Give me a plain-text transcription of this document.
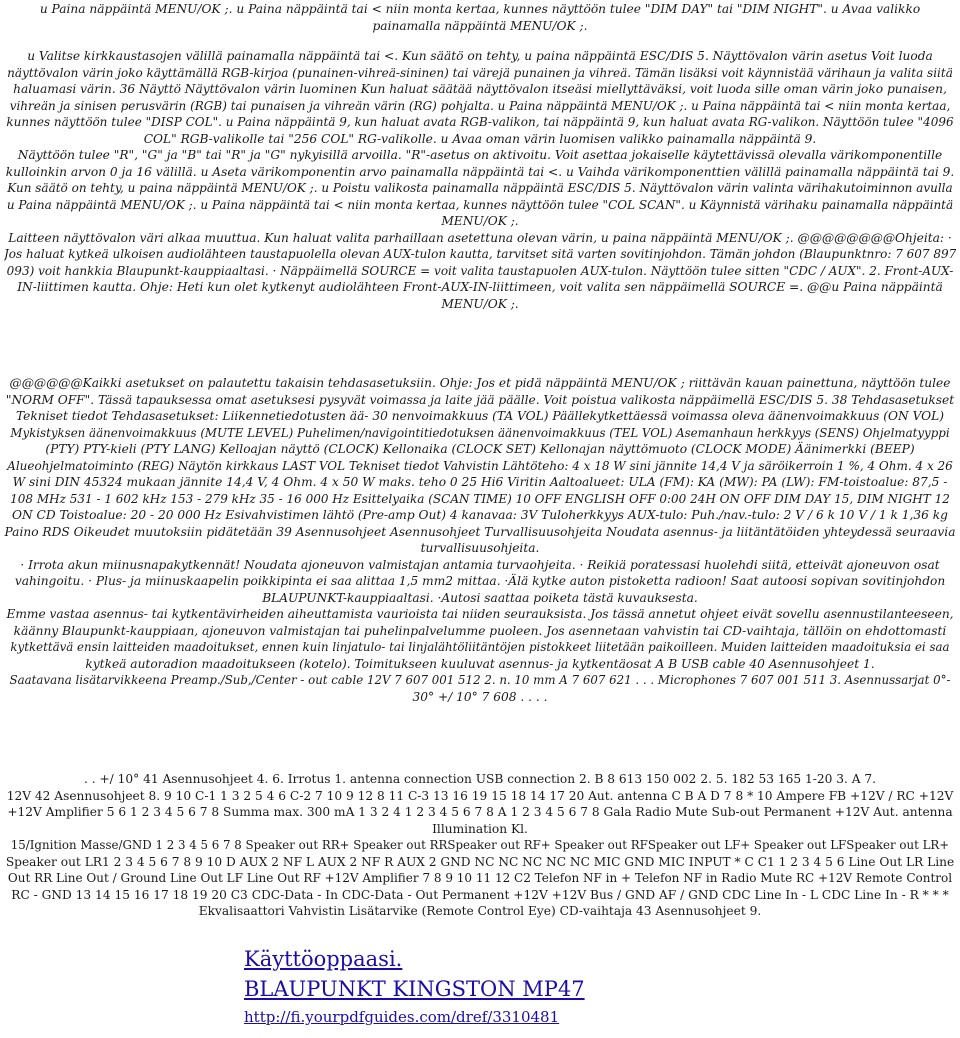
u Paina näppäintä MENU/OK ;. u Paina näppäintä tai < niin monta kertaa, kunnes näyttöön tulee "DIM DAY" tai "DIM NIGHT". u Avaa valikko
painamalla näppäintä MENU/OK ;.
u Valitse kirkkaustasojen välillä painamalla näppäintä tai <. Kun säätö on tehty, u paina näppäintä ESC/DIS 5. Näyttövalon värin asetus Voit luoda
näyttövalon värin joko käyttämällä RGB-kirjoa (punainen-vihreä-sininen) tai värejä punainen ja vihreä. Tämän lisäksi voit käynnistää värihaun ja valita siitä
haluamasi värin. 36 Näyttö Näyttövalon värin luominen Kun haluat säätää näyttövalon itseäsi miellyttäväksi, voit luoda sille oman värin joko punaisen,
vihreän ja sinisen perusvärin (RGB) tai punaisen ja vihreän värin (RG) pohjalta. u Paina näppäintä MENU/OK ;. u Paina näppäintä tai < niin monta kertaa,
kunnes näyttöön tulee "DISP COL". u Paina näppäintä 9, kun haluat avata RGB-valikon, tai näppäintä 9, kun haluat avata RG-valikon. Näyttöön tulee "4096
COL" RGB-valikolle tai "256 COL" RG-valikolle. u Avaa oman värin luomisen valikko painamalla näppäintä 9.
Näyttöön tulee "R", "G" ja "B" tai "R" ja "G" nykyisillä arvoilla. "R"-asetus on aktivoitu. Voit asettaa jokaiselle käytettävissä olevalla värikomponentille
kulloinkin arvon 0 ja 16 välillä. u Aseta värikomponentin arvo painamalla näppäintä tai <. u Vaihda värikomponenttien välillä painamalla näppäintä tai 9.
Kun säätö on tehty, u paina näppäintä MENU/OK ;. u Poistu valikosta painamalla näppäintä ESC/DIS 5. Näyttövalon värin valinta värihakutoiminnon avulla
u Paina näppäintä MENU/OK ;. u Paina näppäintä tai < niin monta kertaa, kunnes näyttöön tulee "COL SCAN". u Käynnistä värihaku painamalla näppäintä
MENU/OK ;.
Laitteen näyttövalon väri alkaa muuttua. Kun haluat valita parhaillaan asetettuna olevan värin, u paina näppäintä MENU/OK ;. @@@@@@@@Ohjeita: ·
Jos haluat kytkeä ulkoisen audiolähteen taustapuolella olevan AUX-tulon kautta, tarvitset sitä varten sovitinjohdon. Tämän johdon (Blaupunktnro: 7 607 897
093) voit hankkia Blaupunkt-kauppiaaltasi. · Näppäimellä SOURCE = voit valita taustapuolen AUX-tulon. Näyttöön tulee sitten "CDC / AUX". 2. Front-AUX-
IN-liittimen kautta. Ohje: Heti kun olet kytkenyt audiolähteen Front-AUX-IN-liittimeen, voit valita sen näppäimellä SOURCE =. @@u Paina näppäintä
MENU/OK ;.
@@@@@@Kaikki asetukset on palautettu takaisin tehdasasetuksiin. Ohje: Jos et pidä näppäintä MENU/OK ; riittävän kauan painettuna, näyttöön tulee
"NORM OFF". Tässä tapauksessa omat asetuksesi pysyvät voimassa ja laite jää päälle. Voit poistua valikosta näppäimellä ESC/DIS 5. 38 Tehdasasetukset
Tekniset tiedot Tehdasasetukset: Liikennetiedotusten ää- 30 nenvoimakkuus (TA VOL) Päällekytkettäessä voimassa oleva äänenvoimakkuus (ON VOL)
Mykistyksen äänenvoimakkuus (MUTE LEVEL) Puhelimen/navigointitiedotuksen äänenvoimakkuus (TEL VOL) Asemanhaun herkkyys (SENS) Ohjelmatyyppi
(PTY) PTY-kieli (PTY LANG) Kelloajan näyttö (CLOCK) Kellonaika (CLOCK SET) Kellonajan näyttömuoto (CLOCK MODE) Äänimerkki (BEEP)
Alueohjelmatoiminto (REG) Näytön kirkkaus LAST VOL Tekniset tiedot Vahvistin Lähtöteho: 4 x 18 W sini jännite 14,4 V ja säröikerroin 1 %, 4 Ohm. 4 x 26
W sini DIN 45324 mukaan jännite 14,4 V, 4 Ohm. 4 x 50 W maks. teho 0 25 Hi6 Viritin Aaltoalueet: ULA (FM): KA (MW): PA (LW): FM-toistoalue: 87,5 -
108 MHz 531 - 1 602 kHz 153 - 279 kHz 35 - 16 000 Hz Esittelyaika (SCAN TIME) 10 OFF ENGLISH OFF 0:00 24H ON OFF DIM DAY 15, DIM NIGHT 12
ON CD Toistoalue: 20 - 20 000 Hz Esivahvistimen lähtö (Pre-amp Out) 4 kanavaa: 3V Tuloherkkyys AUX-tulo: Puh./nav.-tulo: 2 V / 6 k 10 V / 1 k 1,36 kg
Paino RDS Oikeudet muutoksiin pidätetään 39 Asennusohjeet Asennusohjeet Turvallisuusohjeita Noudata asennus- ja liitäntätöiden yhteydessä seuraavia
turvallisuusohjeita.
· Irrota akun miinusnapakytkennät! Noudata ajoneuvon valmistajan antamia turvaohjeita. · Reikiä poratessasi huolehdi siitä, etteivät ajoneuvon osat
vahingoitu. · Plus- ja miinuskaapelin poikkipinta ei saa alittaa 1,5 mm2 mittaa. ·Älä kytke auton pistoketta radioon! Saat autoosi sopivan sovitinjohdon
BLAUPUNKT-kauppiaaltasi. ·Autosi saattaa poiketa tästä kuvauksesta.
Emme vastaa asennus- tai kytkentävirheiden aiheuttamista vaurioista tai niiden seurauksista. Jos tässä annetut ohjeet eivät sovellu asennustilanteeseen,
käänny Blaupunkt-kauppiaan, ajoneuvon valmistajan tai puhelinpalvelumme puoleen. Jos asennetaan vahvistin tai CD-vaihtaja, tällöin on ehdottomasti
kytkettävä ensin laitteiden maadoitukset, ennen kuin linjatulo- tai linjalähtöliitäntöjen pistokkeet liitetään paikoilleen. Muiden laitteiden maadoituksia ei saa
kytkeä autoradion maadoitukseen (kotelo). Toimitukseen kuuluvat asennus- ja kytkentäosat A B USB cable 40 Asennusohjeet 1.
Saatavana lisätarvikkeena Preamp./Sub,/Center - out cable 12V 7 607 001 512 2. n. 10 mm A 7 607 621 . . . Microphones 7 607 001 511 3. Asennussarjat 0°-
30° +/ 10° 7 608 . . . .
. . +/ 10° 41 Asennusohjeet 4. 6. Irrotus 1. antenna connection USB connection 2. B 8 613 150 002 2. 5. 182 53 165 1-20 3. A 7.
12V 42 Asennusohjeet 8. 9 10 C-1 1 3 2 5 4 6 C-2 7 10 9 12 8 11 C-3 13 16 19 15 18 14 17 20 Aut. antenna C B A D 7 8 * 10 Ampere FB +12V / RC +12V
+12V Amplifier 5 6 1 2 3 4 5 6 7 8 Summa max. 300 mA 1 3 2 4 1 2 3 4 5 6 7 8 A 1 2 3 4 5 6 7 8 Gala Radio Mute Sub-out Permanent +12V Aut. antenna
Illumination Kl.
15/Ignition Masse/GND 1 2 3 4 5 6 7 8 Speaker out RR+ Speaker out RRSpeaker out RF+ Speaker out RFSpeaker out LF+ Speaker out LFSpeaker out LR+
Speaker out LR1 2 3 4 5 6 7 8 9 10 D AUX 2 NF L AUX 2 NF R AUX 2 GND NC NC NC NC NC MIC GND MIC INPUT * C C1 1 2 3 4 5 6 Line Out LR Line
Out RR Line Out / Ground Line Out LF Line Out RF +12V Amplifier 7 8 9 10 11 12 C2 Telefon NF in + Telefon NF in Radio Mute RC +12V Remote Control
RC - GND 13 14 15 16 17 18 19 20 C3 CDC-Data - In CDC-Data - Out Permanent +12V +12V Bus / GND AF / GND CDC Line In - L CDC Line In - R * * *
Ekvalisaattori Vahvistin Lisätarvike (Remote Control Eye) CD-vaihtaja 43 Asennusohjeet 9.
Käyttöoppaasi.
BLAUPUNKT KINGSTON MP47
http://fi.yourpdfguides.com/dref/3310481
